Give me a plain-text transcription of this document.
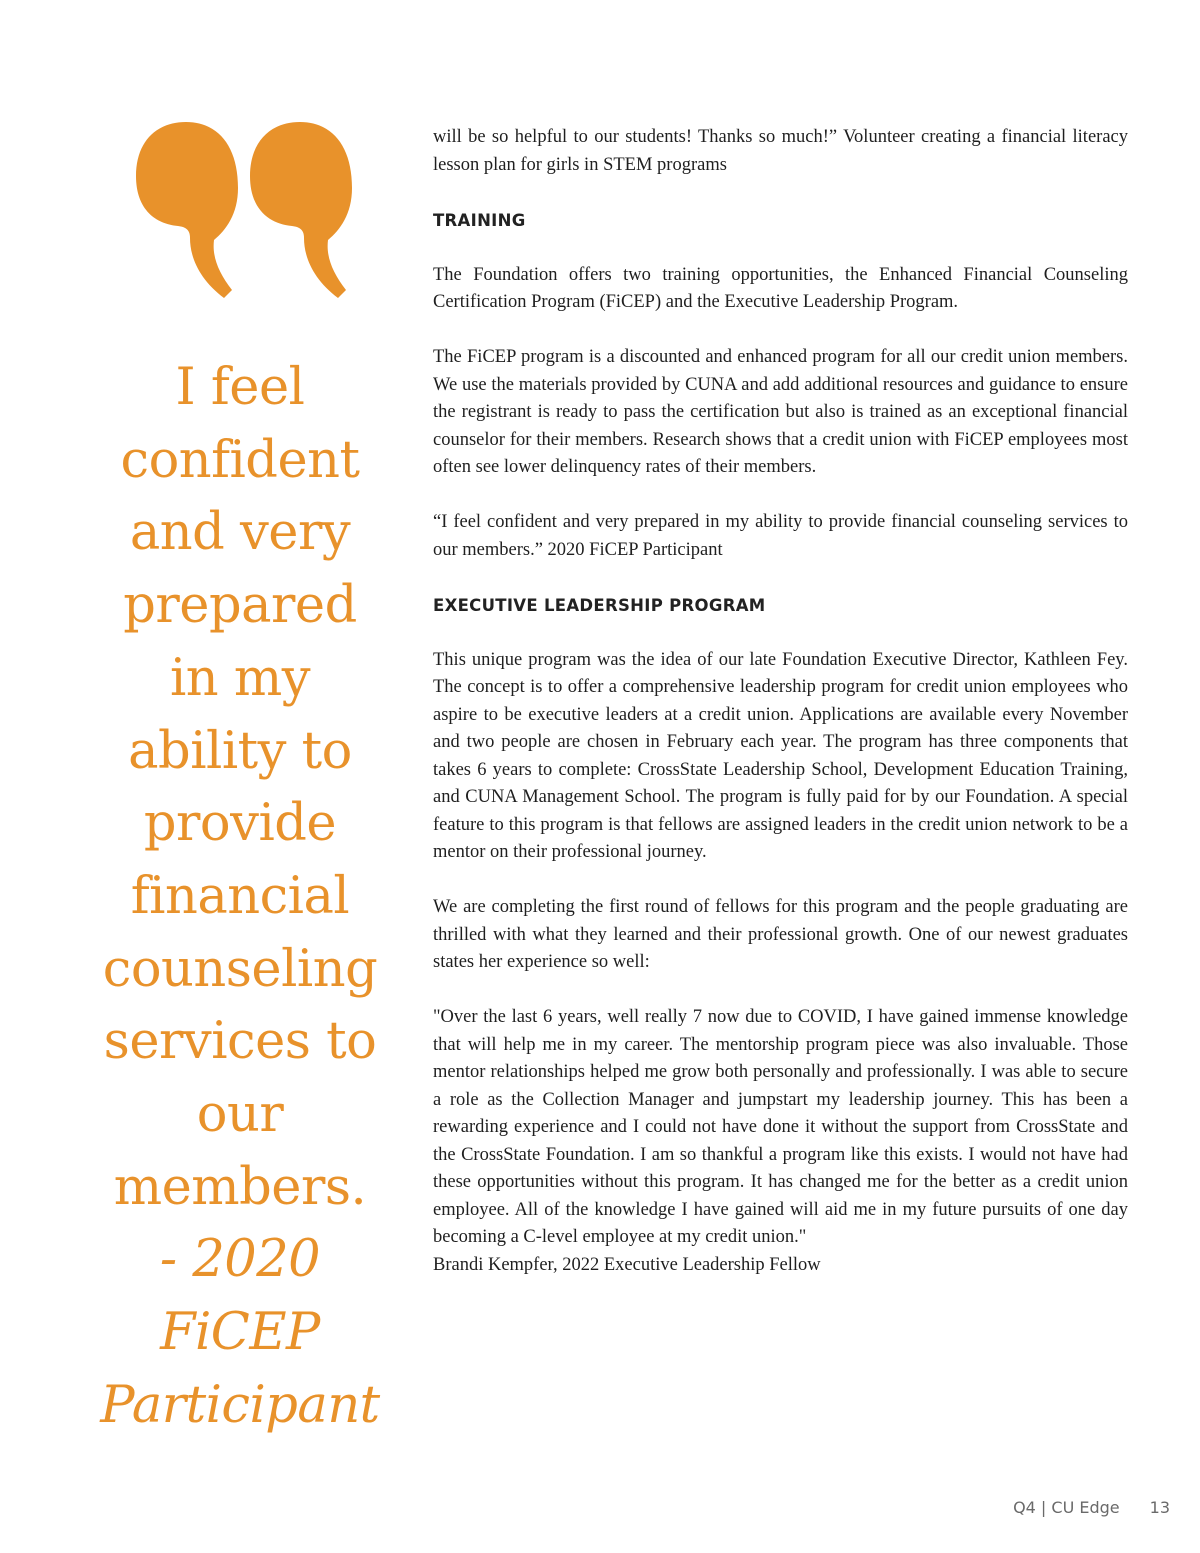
I feel confident and very prepared in my ability to provide financial counseling services to our members.
- 2020 FiCEP Participant

will be so helpful to our students! Thanks so much!” Volunteer creating a financial literacy lesson plan for girls in STEM programs

TRAINING

The Foundation offers two training opportunities, the Enhanced Financial Counseling Certification Program (FiCEP) and the Executive Leadership Program.

The FiCEP program is a discounted and enhanced program for all our credit union members. We use the materials provided by CUNA and add additional resources and guidance to ensure the registrant is ready to pass the certification but also is trained as an exceptional financial counselor for their members. Research shows that a credit union with FiCEP employees most often see lower delinquency rates of their members.

“I feel confident and very prepared in my ability to provide financial counseling services to our members.” 2020 FiCEP Participant

EXECUTIVE LEADERSHIP PROGRAM

This unique program was the idea of our late Foundation Executive Director, Kathleen Fey. The concept is to offer a comprehensive leadership program for credit union employees who aspire to be executive leaders at a credit union. Applications are available every November and two people are chosen in February each year. The program has three components that takes 6 years to complete: CrossState Leadership School, Development Education Training, and CUNA Management School. The program is fully paid for by our Foundation. A special feature to this program is that fellows are assigned leaders in the credit union network to be a mentor on their professional journey.

We are completing the first round of fellows for this program and the people graduating are thrilled with what they learned and their professional growth. One of our newest graduates states her experience so well:

"Over the last 6 years, well really 7 now due to COVID, I have gained immense knowledge that will help me in my career. The mentorship program piece was also invaluable. Those mentor relationships helped me grow both personally and professionally. I was able to secure a role as the Collection Manager and jumpstart my leadership journey. This has been a rewarding experience and I could not have done it without the support from CrossState and the CrossState Foundation. I am so thankful a program like this exists. I would not have had these opportunities without this program. It has changed me for the better as a credit union employee. All of the knowledge I have gained will aid me in my future pursuits of one day becoming a C-level employee at my credit union."

Brandi Kempfer, 2022 Executive Leadership Fellow

Q4 | CU Edge 13
